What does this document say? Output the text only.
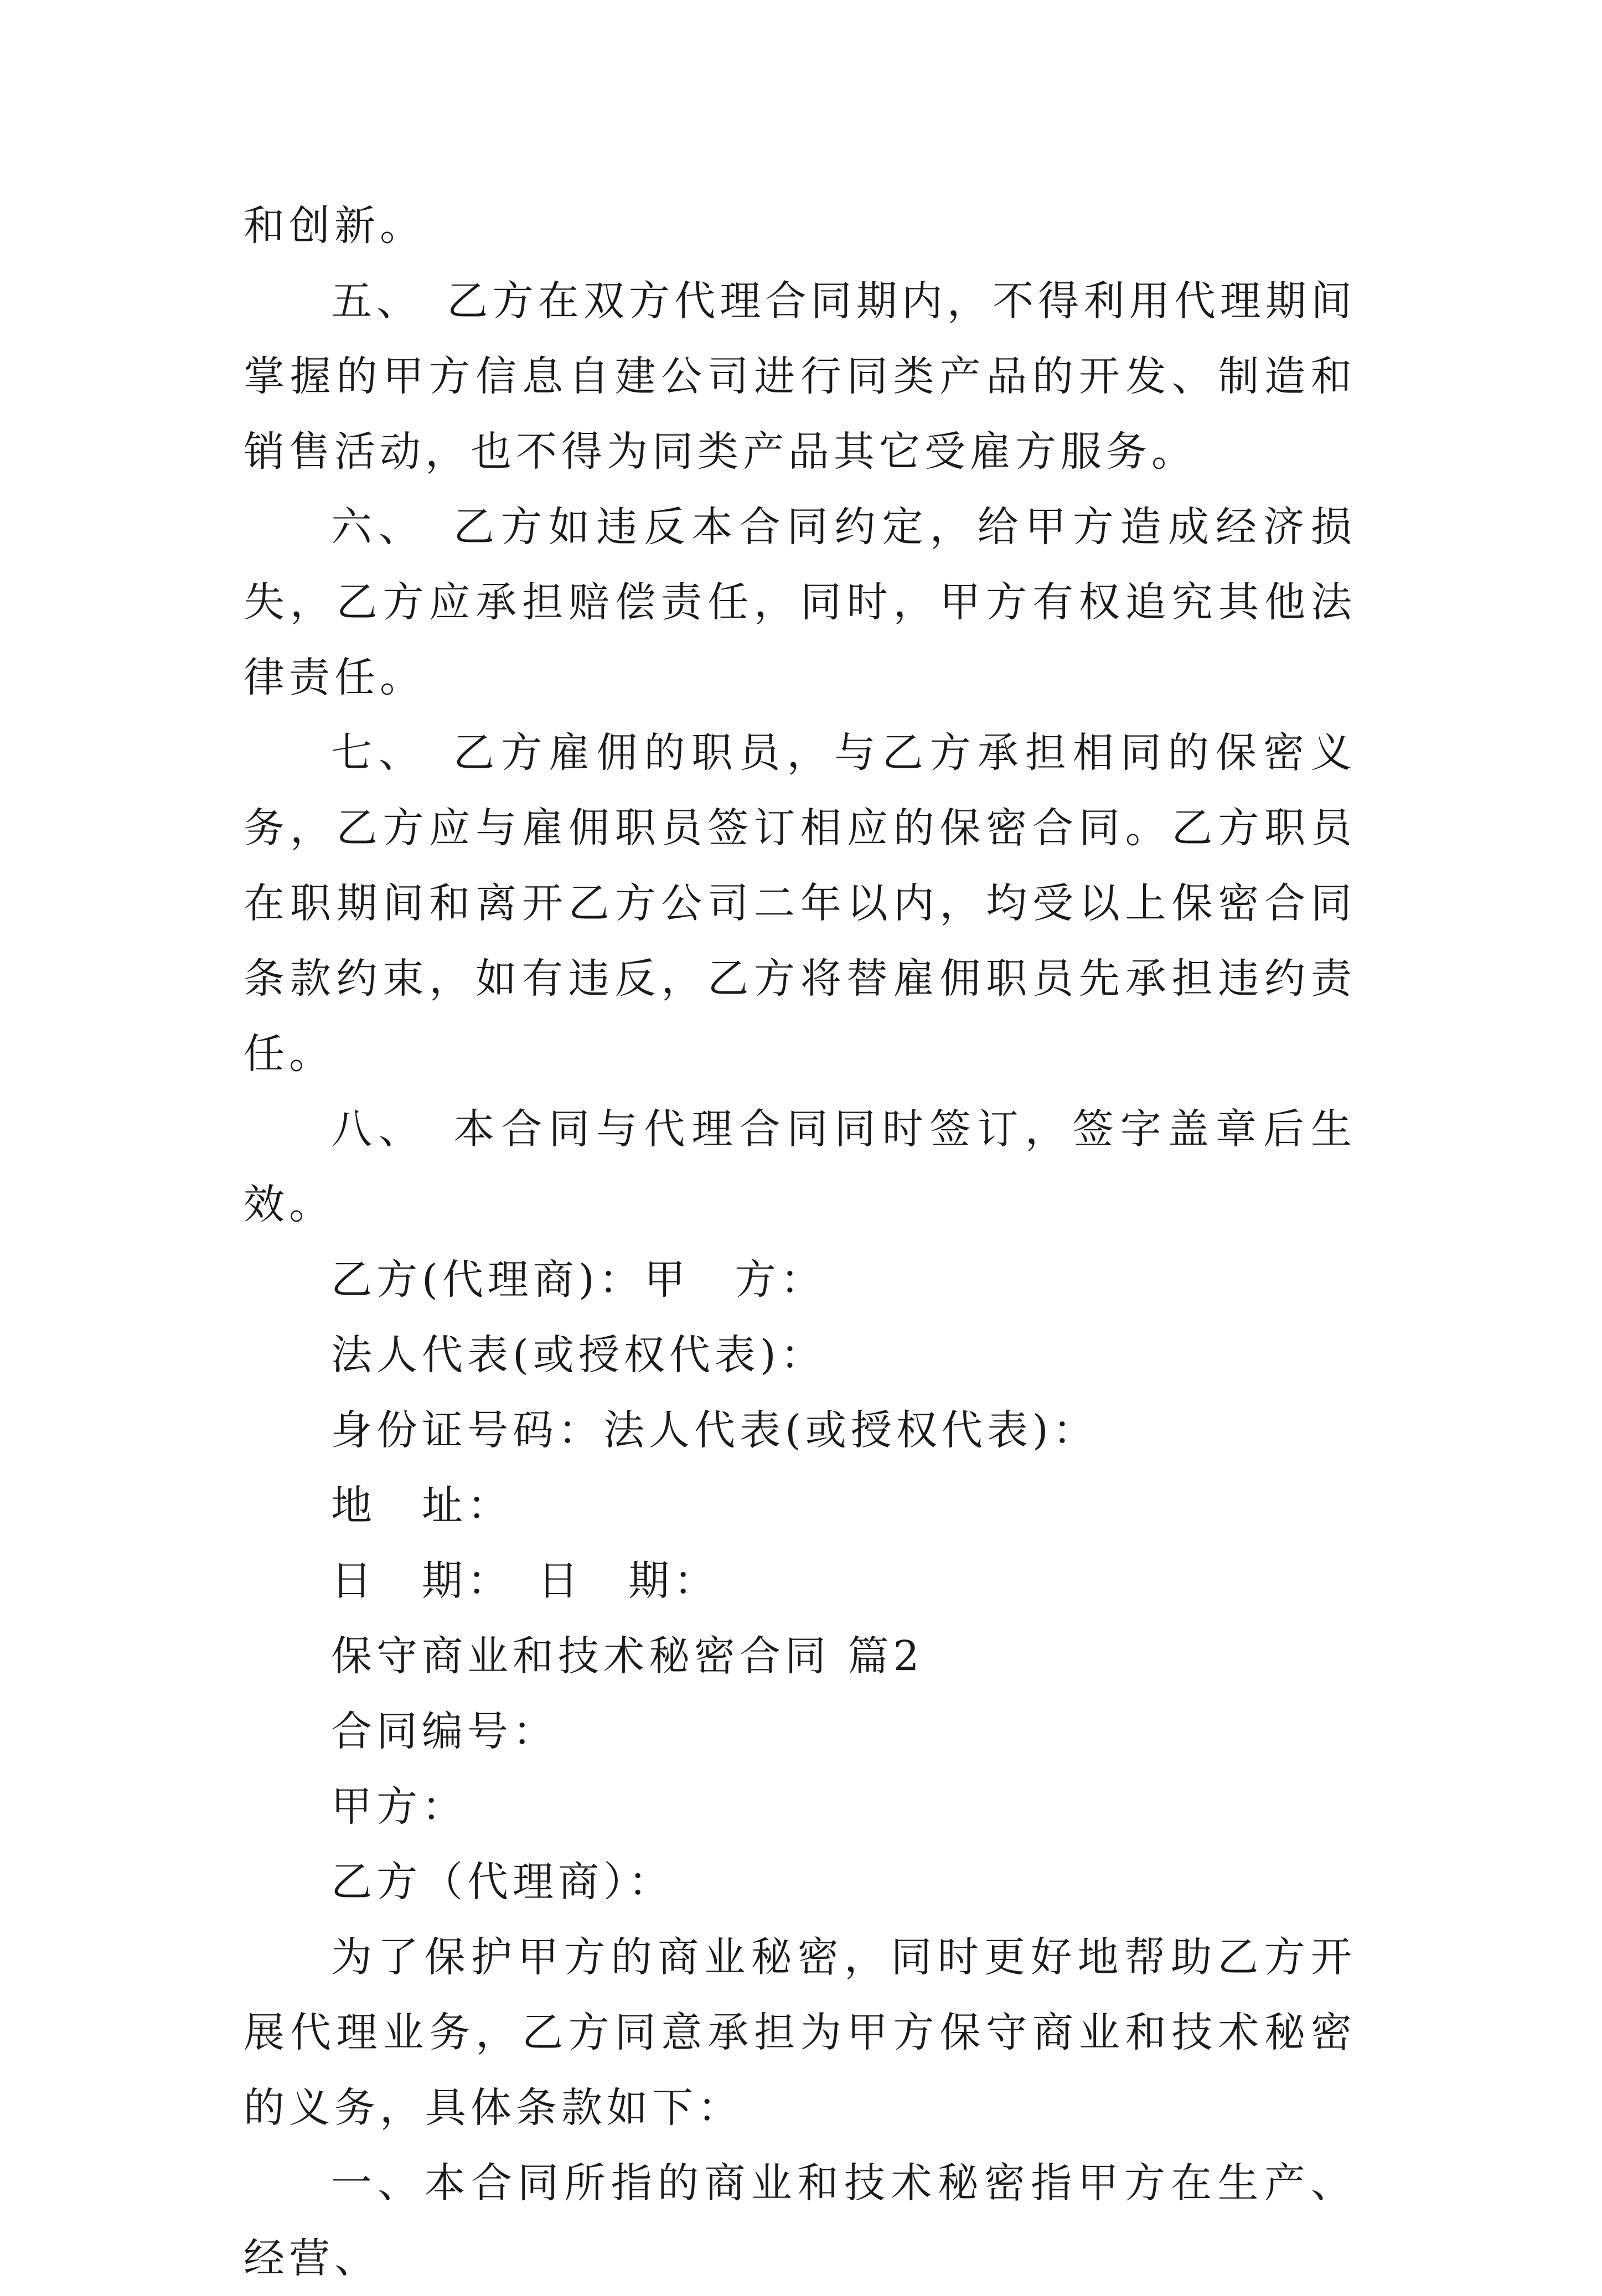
和创新。

五、　乙方在双方代理合同期内，不得利用代理期间掌握的甲方信息自建公司进行同类产品的开发、制造和销售活动，也不得为同类产品其它受雇方服务。

六、　乙方如违反本合同约定，给甲方造成经济损失，乙方应承担赔偿责任，同时，甲方有权追究其他法律责任。

七、　乙方雇佣的职员，与乙方承担相同的保密义务，乙方应与雇佣职员签订相应的保密合同。乙方职员在职期间和离开乙方公司二年以内，均受以上保密合同条款约束，如有违反，乙方将替雇佣职员先承担违约责任。

八、　本合同与代理合同同时签订，签字盖章后生效。

乙方(代理商)：甲　方：

法人代表(或授权代表)：

身份证号码：法人代表(或授权代表)：

地　址：

日　期：　日　期：

保守商业和技术秘密合同 篇2

合同编号：

甲方：

乙方（代理商）：

为了保护甲方的商业秘密，同时更好地帮助乙方开展代理业务，乙方同意承担为甲方保守商业和技术秘密的义务，具体条款如下：

一、本合同所指的商业和技术秘密指甲方在生产、经营、
